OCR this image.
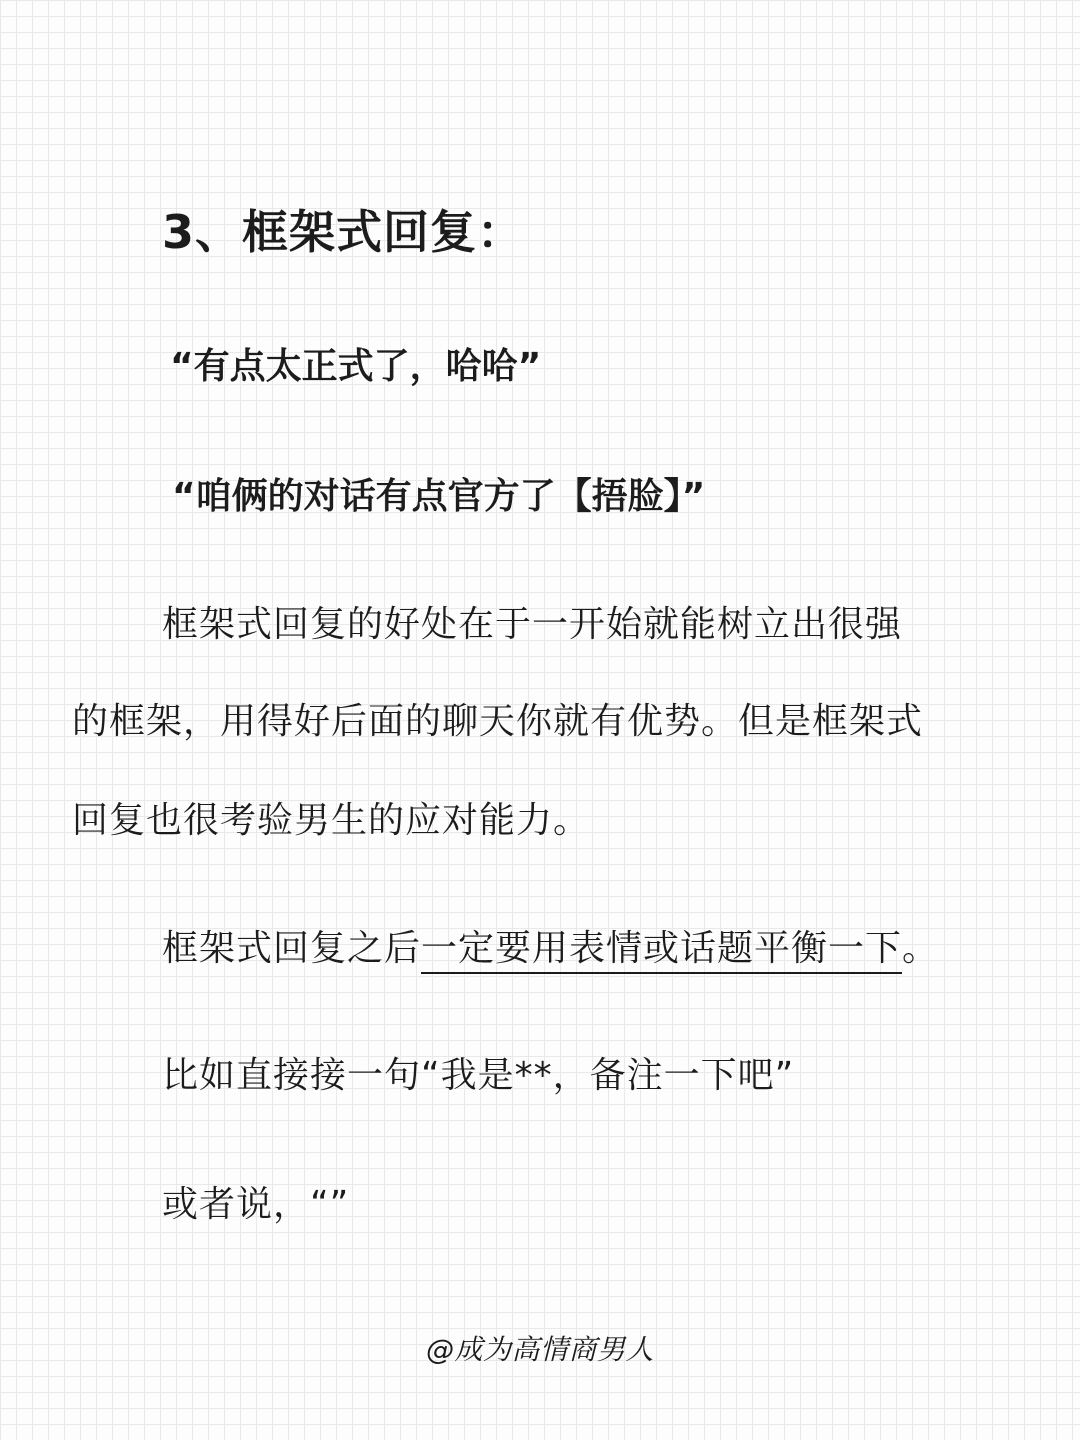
3、框架式回复：
“有点太正式了，哈哈”
“咱俩的对话有点官方了【捂脸】”
框架式回复的好处在于一开始就能树立出很强
的框架，用得好后面的聊天你就有优势。但是框架式
回复也很考验男生的应对能力。
框架式回复之后一定要用表情或话题平衡一下。
比如直接接一句“我是**，备注一下吧”
或者说，“”
@成为高情商男人
